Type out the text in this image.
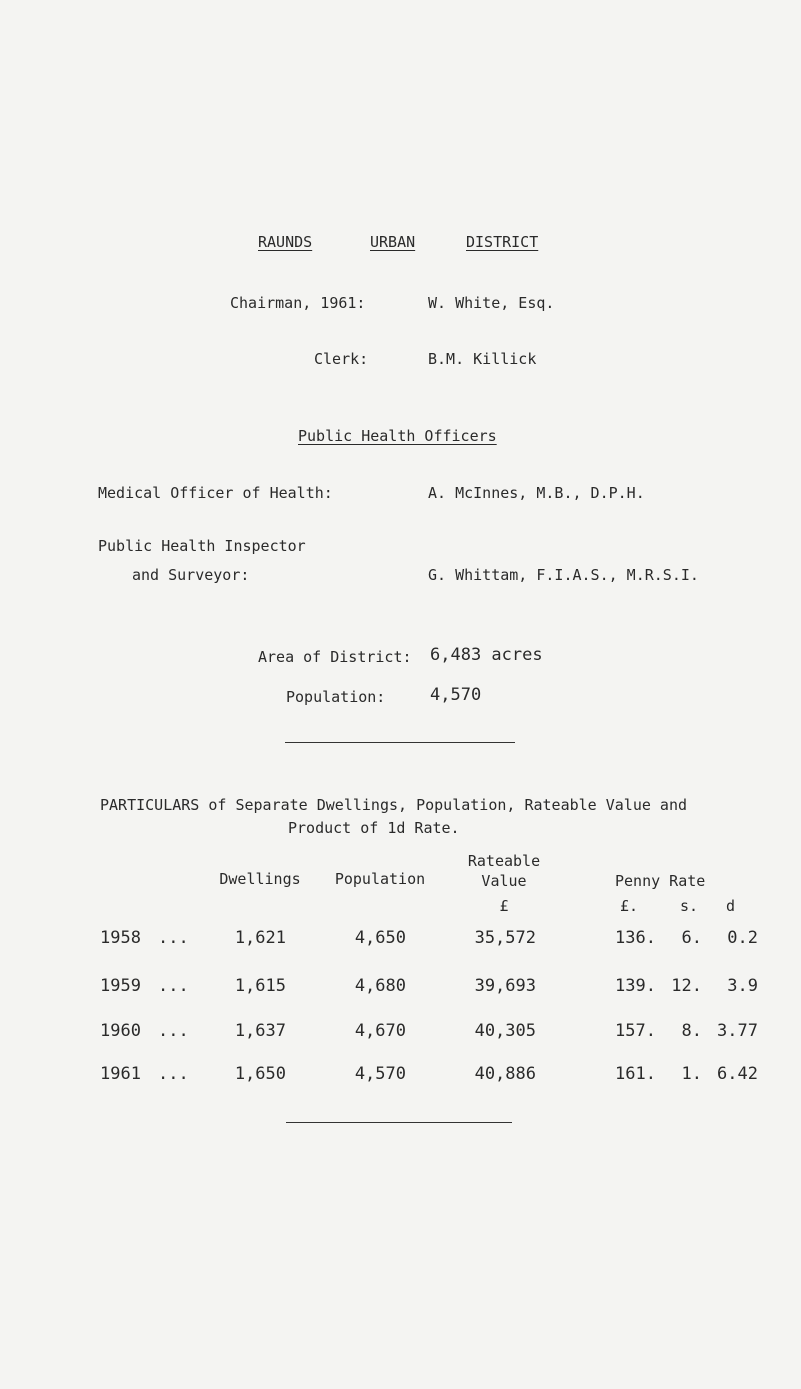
RAUNDS	URBAN	DISTRICT
Chairman, 1961:	W. White, Esq.
Clerk:	B.M. Killick
Public Health Officers
Medical Officer of Health:	A. McInnes, M.B., D.P.H.
Public Health Inspector
and Surveyor:	G. Whittam, F.I.A.S., M.R.S.I.
Area of District: 6,483 acres
Population:	4,570
PARTICULARS of Separate Dwellings, Population, Rateable Value and
Product of 1d Rate.
Dwellings	Population
Rateable
Value
£
Penny Rate
£.	s. d
1958 ...	1,621	4,650	35,572	136.	6.	0.2
1959 ...	1,615	4,680	39,693	139. 12.	3.9
1960 ...	1,637	4,670	40,305	157.	8. 3.77
1961 ...	1,650	4,570	40,886	161.	1. 6.42
